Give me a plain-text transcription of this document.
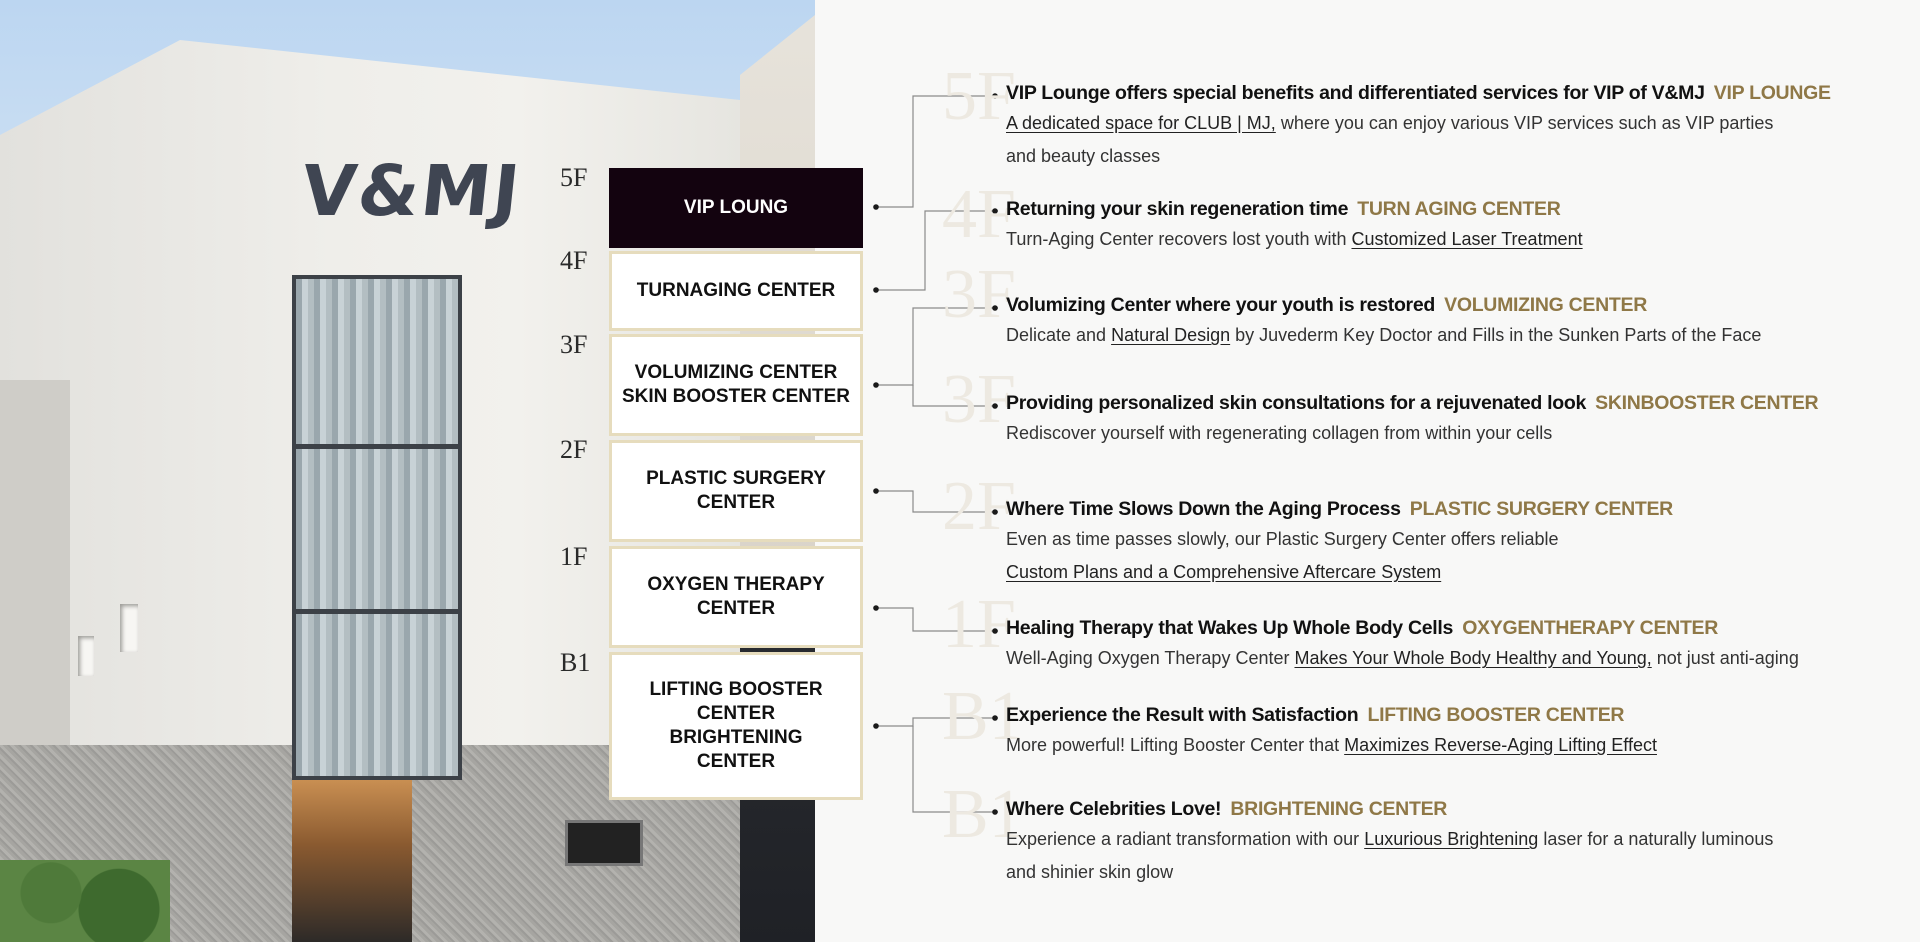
V&MJ 5F
VIP LOUNG
4F
TURNAGING CENTER
3F
VOLUMIZING CENTER
SKIN BOOSTER CENTER
2F
PLASTIC SURGERY
CENTER
1F
OXYGEN THERAPY
CENTER
B1
LIFTING BOOSTER
CENTER
BRIGHTENING
CENTER
5F
VIP Lounge offers special benefits and differentiated services for VIP of V&MJ VIP LOUNGE
A dedicated space for CLUB | MJ, where you can enjoy various VIP services such as VIP parties
and beauty classes
4F
Returning your skin regeneration time TURN AGING CENTER
Turn-Aging Center recovers lost youth with Customized Laser Treatment
3F
Volumizing Center where your youth is restored VOLUMIZING CENTER
Delicate and Natural Design by Juvederm Key Doctor and Fills in the Sunken Parts of the Face
3F
Providing personalized skin consultations for a rejuvenated look SKINBOOSTER CENTER
Rediscover yourself with regenerating collagen from within your cells
2F
Where Time Slows Down the Aging Process PLASTIC SURGERY CENTER
Even as time passes slowly, our Plastic Surgery Center offers reliable
Custom Plans and a Comprehensive Aftercare System
1F
Healing Therapy that Wakes Up Whole Body Cells OXYGENTHERAPY CENTER
Well-Aging Oxygen Therapy Center Makes Your Whole Body Healthy and Young, not just anti-aging
B1
Experience the Result with Satisfaction LIFTING BOOSTER CENTER
More powerful! Lifting Booster Center that Maximizes Reverse-Aging Lifting Effect
B1
Where Celebrities Love! BRIGHTENING CENTER
Experience a radiant transformation with our Luxurious Brightening laser for a naturally luminous
and shinier skin glow
